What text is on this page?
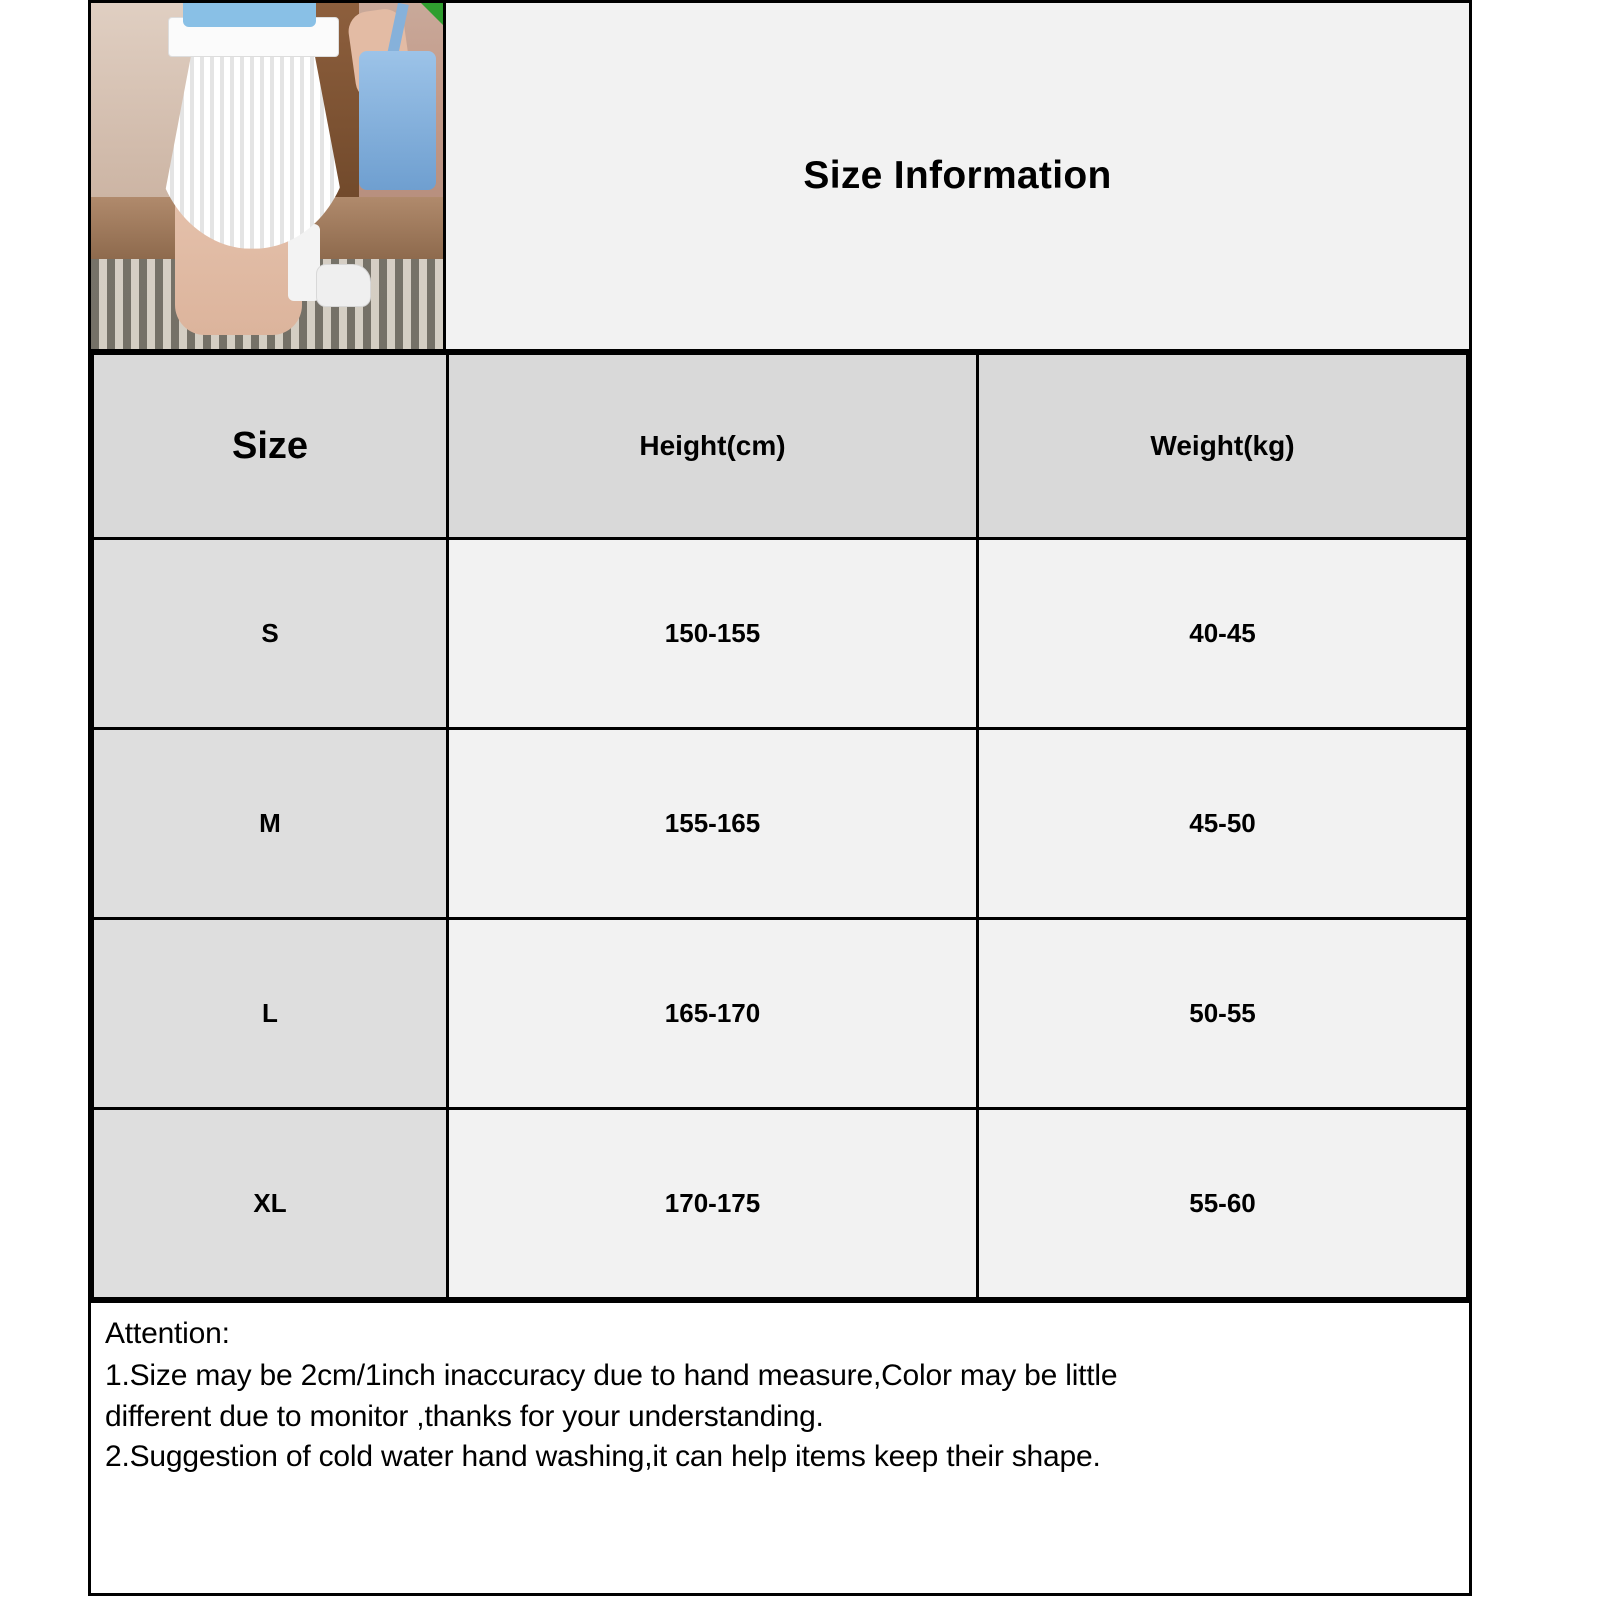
Size Information
Size	Height(cm)	Weight(kg)
S	150-155	40-45
M	155-165	45-50
L	165-170	50-55
XL	170-175	55-60

Attention:

1.Size may be 2cm/1inch inaccuracy due to hand measure,Color may be little

different due to monitor ,thanks for your understanding.

2.Suggestion of cold water hand washing,it can help items keep their shape.
